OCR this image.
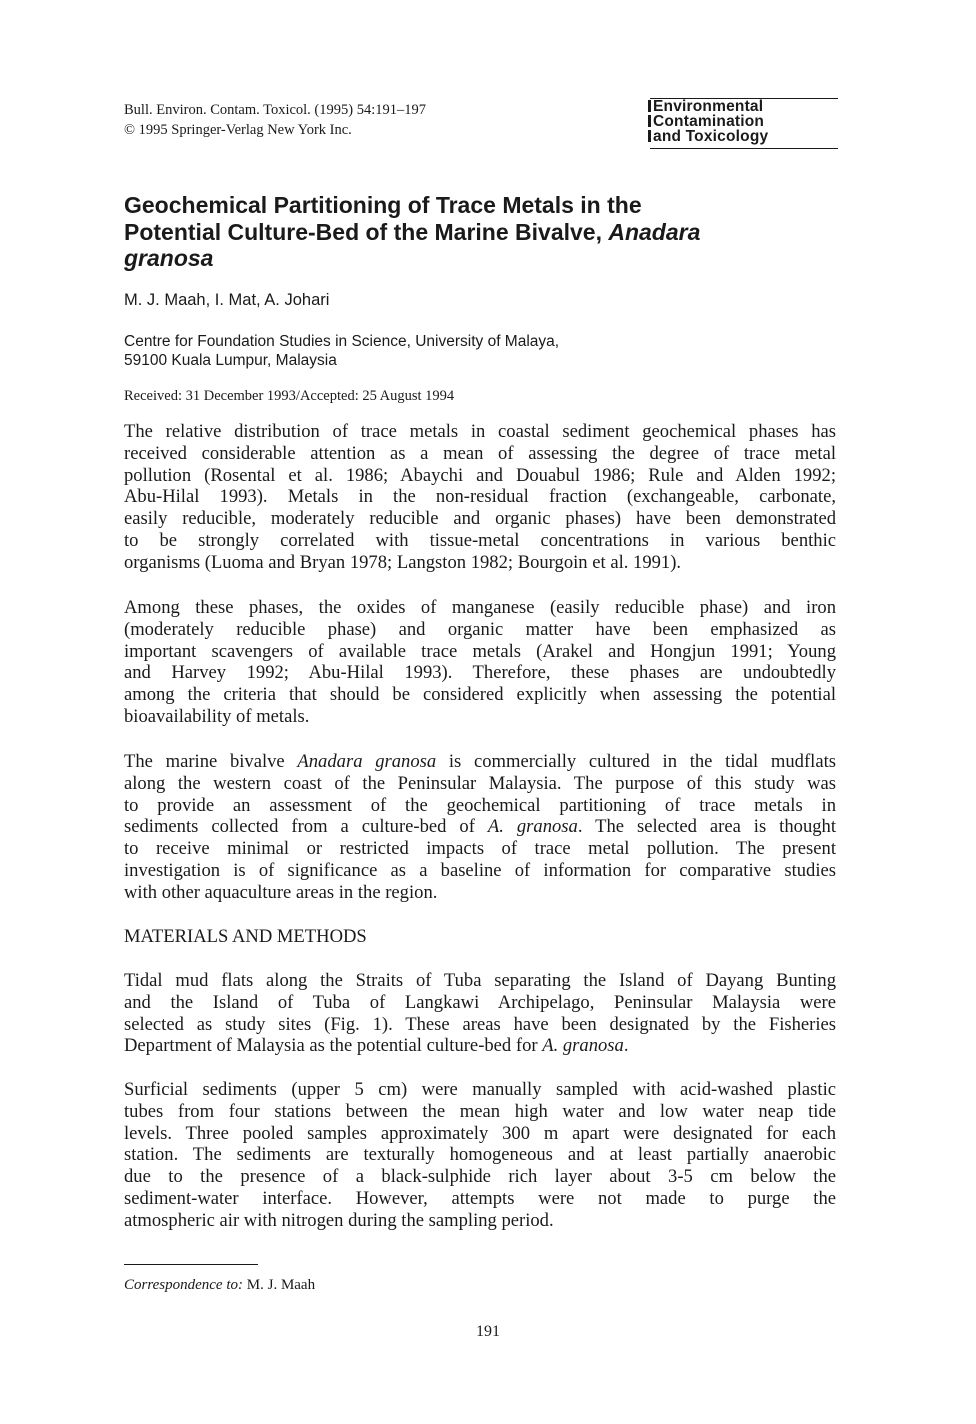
Bull. Environ. Contam. Toxicol. (1995) 54:191–197
© 1995 Springer-Verlag New York Inc.
Environmental
Contamination
and Toxicology
Geochemical Partitioning of Trace Metals in the
Potential Culture-Bed of the Marine Bivalve, Anadara
granosa
M. J. Maah, I. Mat, A. Johari
Centre for Foundation Studies in Science, University of Malaya,
59100 Kuala Lumpur, Malaysia
Received: 31 December 1993/Accepted: 25 August 1994
The relative distribution of trace metals in coastal sediment geochemical phases has
received considerable attention as a mean of assessing the degree of trace metal
pollution (Rosental et al. 1986; Abaychi and Douabul 1986; Rule and Alden 1992;
Abu-Hilal 1993). Metals in the non-residual fraction (exchangeable, carbonate,
easily reducible, moderately reducible and organic phases) have been demonstrated
to be strongly correlated with tissue-metal concentrations in various benthic
organisms (Luoma and Bryan 1978; Langston 1982; Bourgoin et al. 1991).
Among these phases, the oxides of manganese (easily reducible phase) and iron
(moderately reducible phase) and organic matter have been emphasized as
important scavengers of available trace metals (Arakel and Hongjun 1991; Young
and Harvey 1992; Abu-Hilal 1993). Therefore, these phases are undoubtedly
among the criteria that should be considered explicitly when assessing the potential
bioavailability of metals.
The marine bivalve Anadara granosa is commercially cultured in the tidal mudflats
along the western coast of the Peninsular Malaysia. The purpose of this study was
to provide an assessment of the geochemical partitioning of trace metals in
sediments collected from a culture-bed of A. granosa. The selected area is thought
to receive minimal or restricted impacts of trace metal pollution. The present
investigation is of significance as a baseline of information for comparative studies
with other aquaculture areas in the region.
MATERIALS AND METHODS
Tidal mud flats along the Straits of Tuba separating the Island of Dayang Bunting
and the Island of Tuba of Langkawi Archipelago, Peninsular Malaysia were
selected as study sites (Fig. 1). These areas have been designated by the Fisheries
Department of Malaysia as the potential culture-bed for A. granosa.
Surficial sediments (upper 5 cm) were manually sampled with acid-washed plastic
tubes from four stations between the mean high water and low water neap tide
levels. Three pooled samples approximately 300 m apart were designated for each
station. The sediments are texturally homogeneous and at least partially anaerobic
due to the presence of a black-sulphide rich layer about 3-5 cm below the
sediment-water interface. However, attempts were not made to purge the
atmospheric air with nitrogen during the sampling period.
Correspondence to: M. J. Maah
191
